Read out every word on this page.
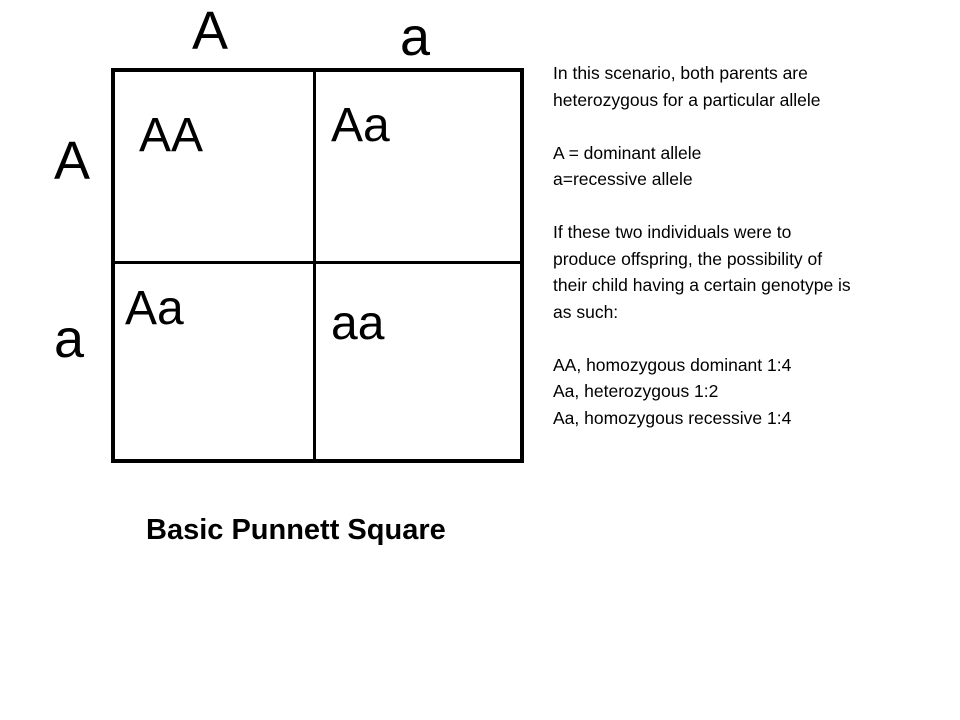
A	a
A
a
AA	Aa
Aa	aa
Basic Punnett Square

In this scenario, both parents are
heterozygous for a particular allele

A = dominant allele
a=recessive allele

If these two individuals were to
produce offspring, the possibility of
their child having a certain genotype is
as such:

AA, homozygous dominant 1:4
Aa, heterozygous 1:2
Aa, homozygous recessive 1:4
